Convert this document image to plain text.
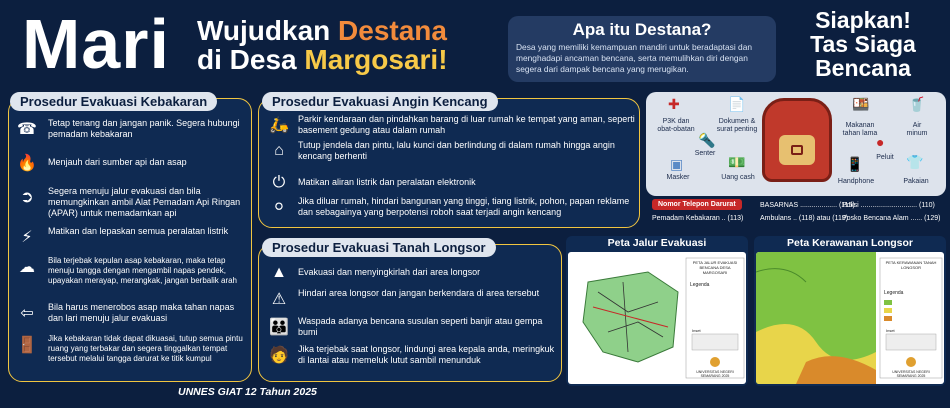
Mari Wujudkan Destana
di Desa Margosari!
Apa itu Destana?
Desa yang memiliki kemampuan mandiri untuk beradaptasi dan menghadapi ancaman bencana, serta memulihkan diri dengan segera dari dampak bencana yang merugikan.
Siapkan!
Tas Siaga
Bencana
Prosedur Evakuasi Kebakaran
☎	Tetap tenang dan jangan panik. Segera hubungi pemadam kebakaran
🔥	Menjauh dari sumber api dan asap
➲	Segera menuju jalur evakuasi dan bila memungkinkan ambil Alat Pemadam Api Ringan (APAR) untuk memadamkan api
⚡	Matikan dan lepaskan semua peralatan listrik
☁	Bila terjebak kepulan asap kebakaran, maka tetap menuju tangga dengan mengambil napas pendek, upayakan merayap, merangkak, jangan berbalik arah
⇦	Bila harus menerobos asap maka tahan napas dan lari menuju jalur evakuasi
🚪	Jika kebakaran tidak dapat dikuasai, tutup semua pintu ruang yang terbakar dan segera tinggalkan tempat tersebut melalui tangga darurat ke titik kumpul
Prosedur Evakuasi Angin Kencang
🛵	Parkir kendaraan dan pindahkan barang di luar rumah ke tempat yang aman, seperti basement gedung atau dalam rumah
⌂	Tutup jendela dan pintu, lalu kunci dan berlindung di dalam rumah hingga angin kencang berhenti
⏻	Matikan aliran listrik dan peralatan elektronik
⚪	Jika diluar rumah, hindari bangunan yang tinggi, tiang listrik, pohon, papan reklame dan sebagainya yang berpotensi roboh saat terjadi angin kencang
Prosedur Evakuasi Tanah Longsor
▲	Evakuasi dan menyingkirlah dari area longsor
⚠	Hindari area longsor dan jangan berkendara di area tersebut
👪	Waspada adanya bencana susulan seperti banjir atau gempa bumi
🧑	Jika terjebak saat longsor, lindungi area kepala anda, meringkuk di lantai atau memeluk lutut sambil menunduk
✚
P3K dan obat-obatan
📄
Dokumen & surat penting
🔦
Senter
▣
Masker
💵
Uang cash
🍱
Makanan tahan lama
🥤
Air minum
●
Peluit
📱
Handphone
👕
Pakaian
Nomor Telepon Darurat	BASARNAS ................... (115)
Polisi ............................. (110)
Pemadam Kebakaran .. (113) Ambulans .. (118) atau (119)
Posko Bencana Alam ...... (129)
Peta Jalur Evakuasi
PETA JALUR EVAKUASI BENCANA DESA MARGOSARI
Legenda
Inset
UNIVERSITAS NEGERI SEMARANG 2025
Peta Kerawanan Longsor
PETA KERAWANAN TANAH LONGSOR
Legenda
Inset
UNIVERSITAS NEGERI SEMARANG 2025
UNNES GIAT 12 Tahun 2025
